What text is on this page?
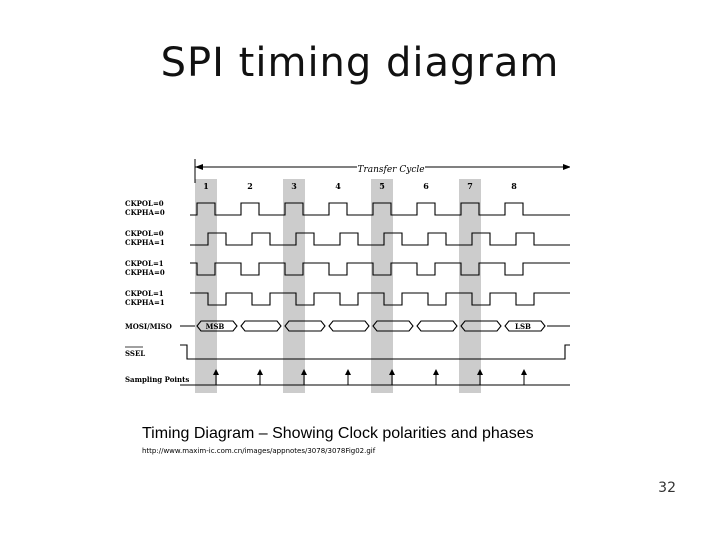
SPI timing diagram
Transfer Cycle
1	2	3	4	5	6	7	8
CKPOL=0
CKPHA=0
CKPOL=0
CKPHA=1
CKPOL=1
CKPHA=0
CKPOL=1
CKPHA=1
MOSI/MISO	MSB	LSB
SSEL
Sampling Points
Timing Diagram – Showing Clock polarities and phases
http://www.maxim-ic.com.cn/images/appnotes/3078/3078Fig02.gif
32
